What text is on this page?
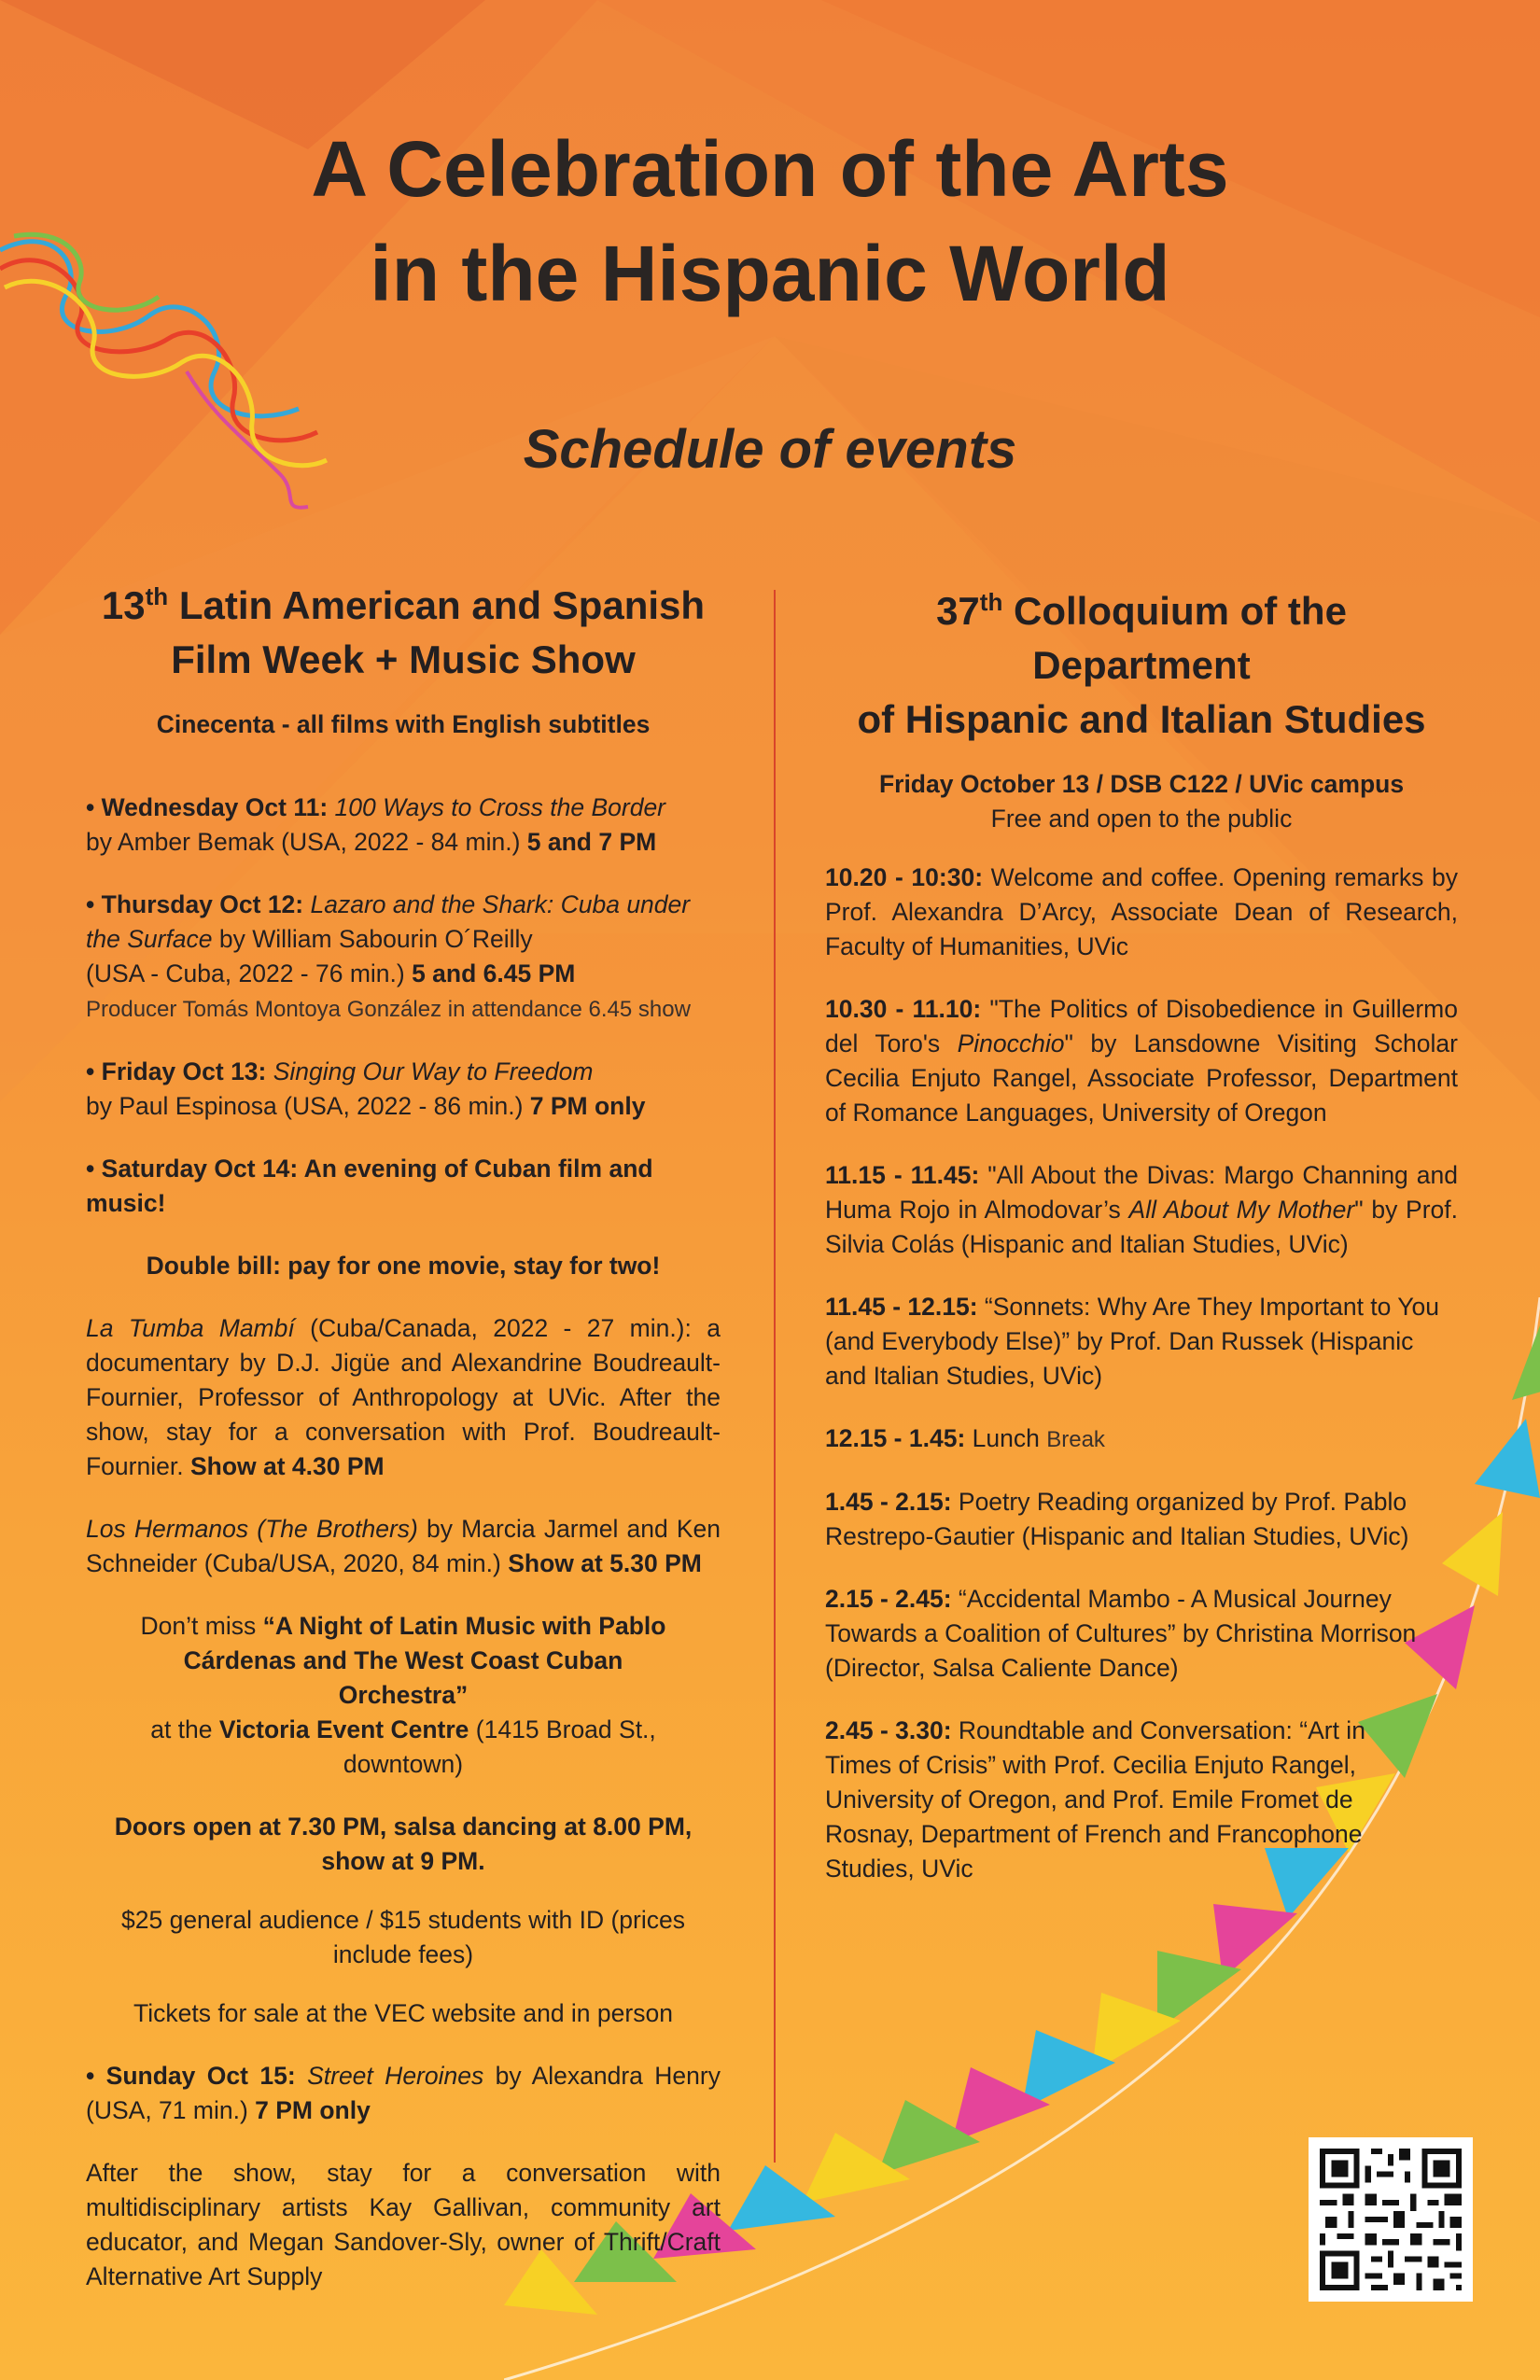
A Celebration of the Arts
in the Hispanic World
Schedule of events
13th Latin American and Spanish
Film Week + Music Show

Cinecenta - all films with English subtitles

• Wednesday Oct 11: 100 Ways to Cross the Border
by Amber Bemak (USA, 2022 - 84 min.) 5 and 7 PM

• Thursday Oct 12: Lazaro and the Shark: Cuba under
the Surface by William Sabourin O´Reilly
(USA - Cuba, 2022 - 76 min.) 5 and 6.45 PM
Producer Tomás Montoya González in attendance 6.45 show

• Friday Oct 13: Singing Our Way to Freedom
by Paul Espinosa (USA, 2022 - 86 min.) 7 PM only

• Saturday Oct 14: An evening of Cuban film and music!

Double bill: pay for one movie, stay for two!

La Tumba Mambí (Cuba/Canada, 2022 - 27 min.): a documentary by D.J. Jigüe and Alexandrine Boudreault-Fournier, Professor of Anthropology at UVic. After the show, stay for a conversation with Prof. Boudreault-Fournier. Show at 4.30 PM

Los Hermanos (The Brothers) by Marcia Jarmel and Ken Schneider (Cuba/USA, 2020, 84 min.) Show at 5.30 PM

Don’t miss “A Night of Latin Music with Pablo Cárdenas and The West Coast Cuban Orchestra”
at the Victoria Event Centre (1415 Broad St., downtown)

Doors open at 7.30 PM, salsa dancing at 8.00 PM, show at 9 PM.

$25 general audience / $15 students with ID (prices include fees)

Tickets for sale at the VEC website and in person

• Sunday Oct 15: Street Heroines by Alexandra Henry (USA, 71 min.) 7 PM only

After the show, stay for a conversation with multidisciplinary artists Kay Gallivan, community art educator, and Megan Sandover-Sly, owner of Thrift/Craft Alternative Art Supply

37th Colloquium of the Department
of Hispanic and Italian Studies

Friday October 13 / DSB C122 / UVic campus

Free and open to the public

10.20 - 10:30: Welcome and coffee. Opening remarks by Prof. Alexandra D’Arcy, Associate Dean of Research, Faculty of Humanities, UVic

10.30 - 11.10: "The Politics of Disobedience in Guillermo del Toro's Pinocchio" by Lansdowne Visiting Scholar Cecilia Enjuto Rangel, Associate Professor, Department of Romance Languages, University of Oregon

11.15 - 11.45: "All About the Divas: Margo Channing and Huma Rojo in Almodovar’s All About My Mother" by Prof. Silvia Colás (Hispanic and Italian Studies, UVic)

11.45 - 12.15: “Sonnets: Why Are They Important to You (and Everybody Else)” by Prof. Dan Russek (Hispanic and Italian Studies, UVic)

12.15 - 1.45: Lunch Break

1.45 - 2.15: Poetry Reading organized by Prof. Pablo Restrepo-Gautier (Hispanic and Italian Studies, UVic)

2.15 - 2.45: “Accidental Mambo - A Musical Journey Towards a Coalition of Cultures” by Christina Morrison (Director, Salsa Caliente Dance)

2.45 - 3.30: Roundtable and Conversation: “Art in Times of Crisis” with Prof. Cecilia Enjuto Rangel, University of Oregon, and Prof. Emile Fromet de Rosnay, Department of French and Francophone Studies, UVic
